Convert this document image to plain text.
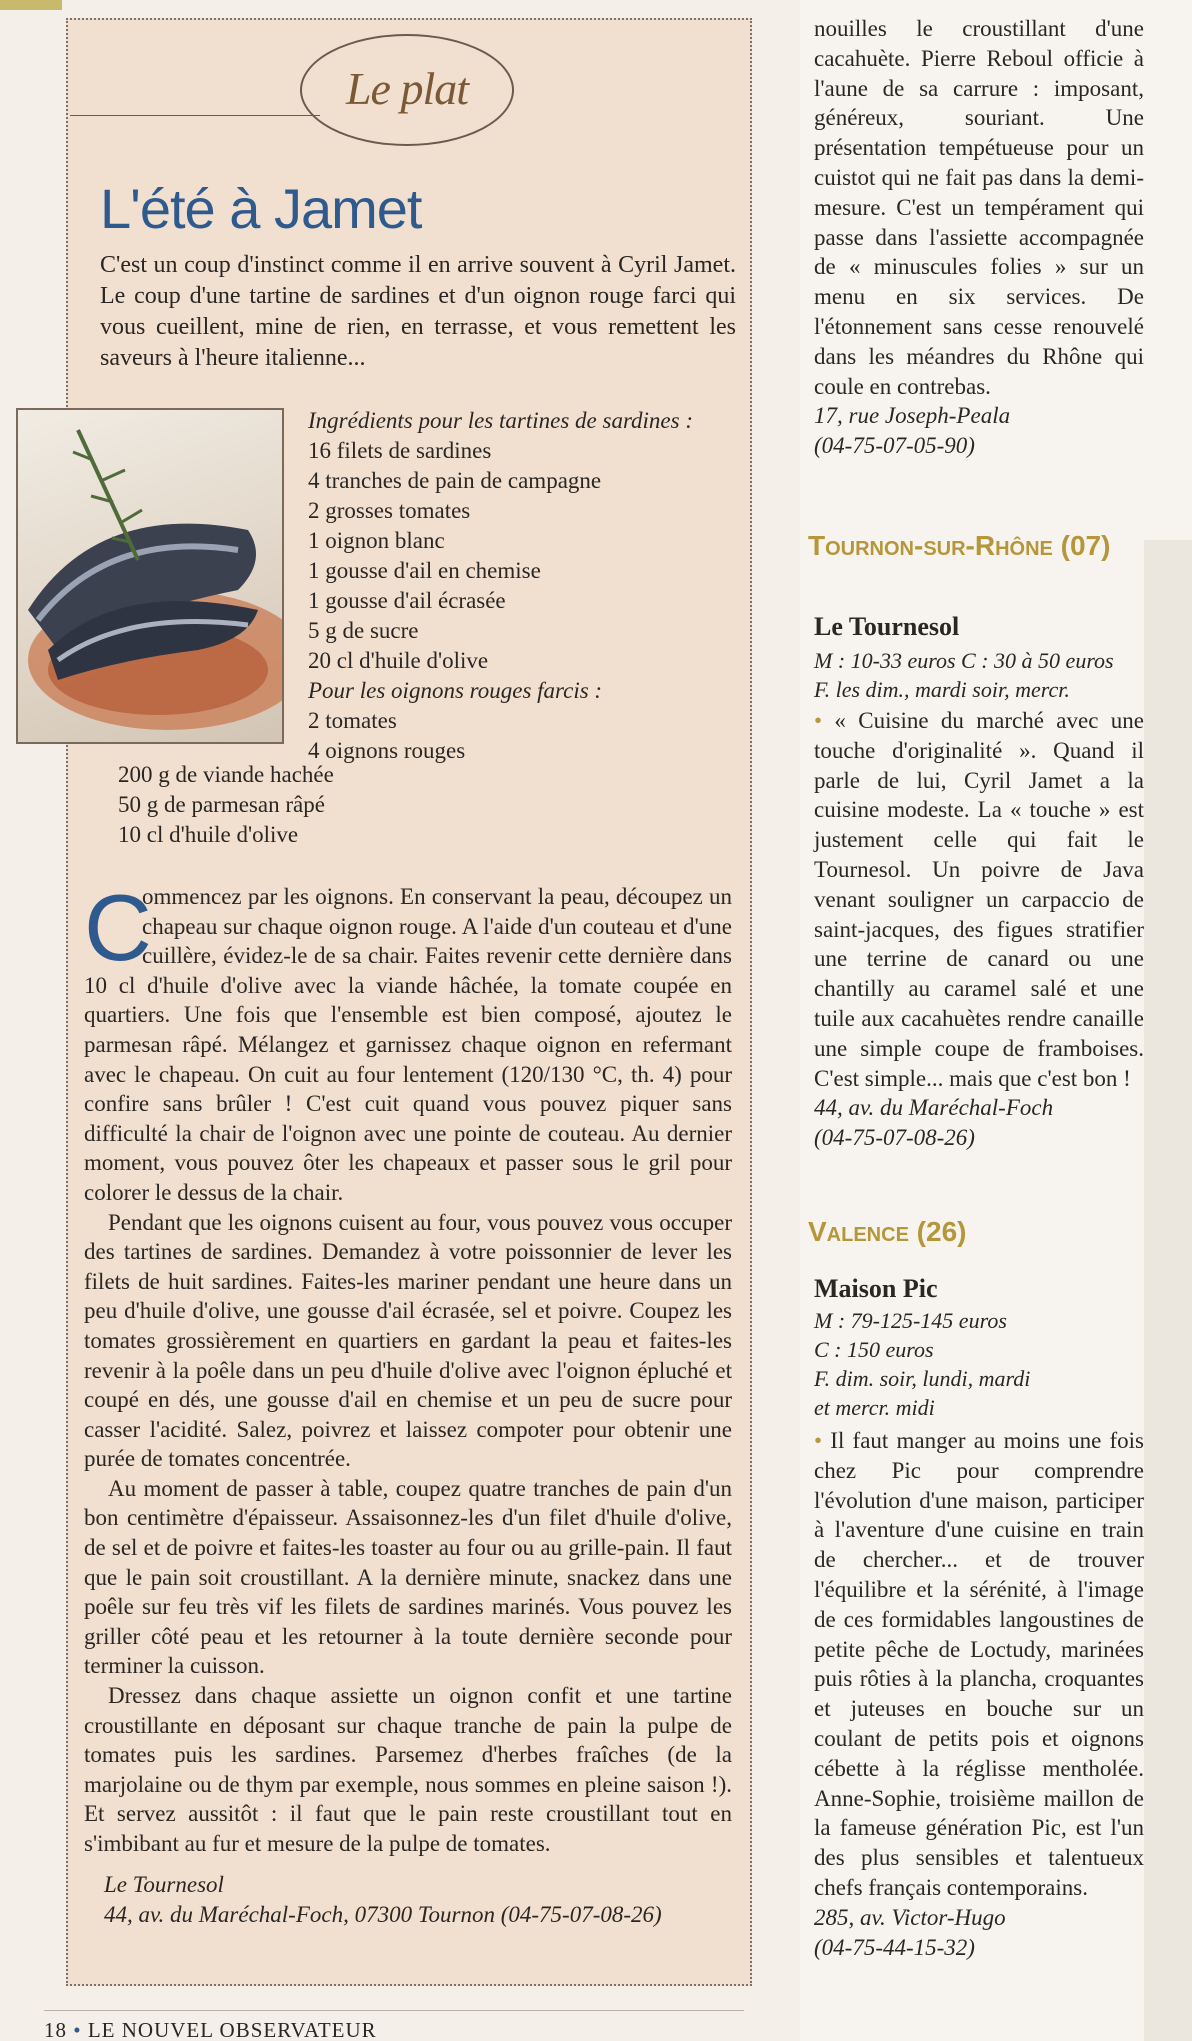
Le plat
L'été à Jamet

C'est un coup d'instinct comme il en arrive souvent à Cyril Jamet. Le coup d'une tartine de sardines et d'un oignon rouge farci qui vous cueillent, mine de rien, en terrasse, et vous remettent les saveurs à l'heure italienne...

Ingrédients pour les tartines de sardines :
16 filets de sardines
4 tranches de pain de campagne
2 grosses tomates
1 oignon blanc
1 gousse d'ail en chemise
1 gousse d'ail écrasée
5 g de sucre
20 cl d'huile d'olive
Pour les oignons rouges farcis :
2 tomates
4 oignons rouges
200 g de viande hachée
50 g de parmesan râpé
10 cl d'huile d'olive

C
ommencez par les oignons. En conservant la peau, découpez un chapeau sur chaque oignon rouge. A l'aide d'un couteau et d'une cuillère, évidez-le de sa chair. Faites revenir cette dernière dans 10 cl d'huile d'olive avec la viande hâchée, la tomate coupée en quartiers. Une fois que l'ensemble est bien composé, ajoutez le parmesan râpé. Mélangez et garnissez chaque oignon en refermant avec le chapeau. On cuit au four lentement (120/130 °C, th. 4) pour confire sans brûler ! C'est cuit quand vous pouvez piquer sans difficulté la chair de l'oignon avec une pointe de couteau. Au dernier moment, vous pouvez ôter les chapeaux et passer sous le gril pour colorer le dessus de la chair.

Pendant que les oignons cuisent au four, vous pouvez vous occuper des tartines de sardines. Demandez à votre poissonnier de lever les filets de huit sardines. Faites-les mariner pendant une heure dans un peu d'huile d'olive, une gousse d'ail écrasée, sel et poivre. Coupez les tomates grossièrement en quartiers en gardant la peau et faites-les revenir à la poêle dans un peu d'huile d'olive avec l'oignon épluché et coupé en dés, une gousse d'ail en chemise et un peu de sucre pour casser l'acidité. Salez, poivrez et laissez compoter pour obtenir une purée de tomates concentrée.

Au moment de passer à table, coupez quatre tranches de pain d'un bon centimètre d'épaisseur. Assaisonnez-les d'un filet d'huile d'olive, de sel et de poivre et faites-les toaster au four ou au grille-pain. Il faut que le pain soit croustillant. A la dernière minute, snackez dans une poêle sur feu très vif les filets de sardines marinés. Vous pouvez les griller côté peau et les retourner à la toute dernière seconde pour terminer la cuisson.

Dressez dans chaque assiette un oignon confit et une tartine croustillante en déposant sur chaque tranche de pain la pulpe de tomates puis les sardines. Parsemez d'herbes fraîches (de la marjolaine ou de thym par exemple, nous sommes en pleine saison !). Et servez aussitôt : il faut que le pain reste croustillant tout en s'imbibant au fur et mesure de la pulpe de tomates.

Le Tournesol
44, av. du Maréchal-Foch, 07300 Tournon (04-75-07-08-26)
nouilles le croustillant d'une cacahuète. Pierre Reboul officie à l'aune de sa carrure : imposant, généreux, souriant. Une présentation tempétueuse pour un cuistot qui ne fait pas dans la demi-mesure. C'est un tempérament qui passe dans l'assiette accompagnée de « minuscules folies » sur un menu en six services. De l'étonnement sans cesse renouvelé dans les méandres du Rhône qui coule en contrebas.
17, rue Joseph-Peala
(04-75-07-05-90)
Tournon-sur-Rhône (07)
Le Tournesol
M : 10-33 euros C : 30 à 50 euros
F. les dim., mardi soir, mercr.
• « Cuisine du marché avec une touche d'originalité ». Quand il parle de lui, Cyril Jamet a la cuisine modeste. La « touche » est justement celle qui fait le Tournesol. Un poivre de Java venant souligner un carpaccio de saint-jacques, des figues stratifier une terrine de canard ou une chantilly au caramel salé et une tuile aux cacahuètes rendre canaille une simple coupe de framboises. C'est simple... mais que c'est bon !
44, av. du Maréchal-Foch
(04-75-07-08-26)
Valence (26)
Maison Pic
M : 79-125-145 euros
C : 150 euros
F. dim. soir, lundi, mardi
et mercr. midi
• Il faut manger au moins une fois chez Pic pour comprendre l'évolution d'une maison, participer à l'aventure d'une cuisine en train de chercher... et de trouver l'équilibre et la sérénité, à l'image de ces formidables langoustines de petite pêche de Loctudy, marinées puis rôties à la plancha, croquantes et juteuses en bouche sur un coulant de petits pois et oignons cébette à la réglisse mentholée. Anne-Sophie, troisième maillon de la fameuse génération Pic, est l'un des plus sensibles et talentueux chefs français contemporains.
285, av. Victor-Hugo
(04-75-44-15-32)
18 • LE NOUVEL OBSERVATEUR
